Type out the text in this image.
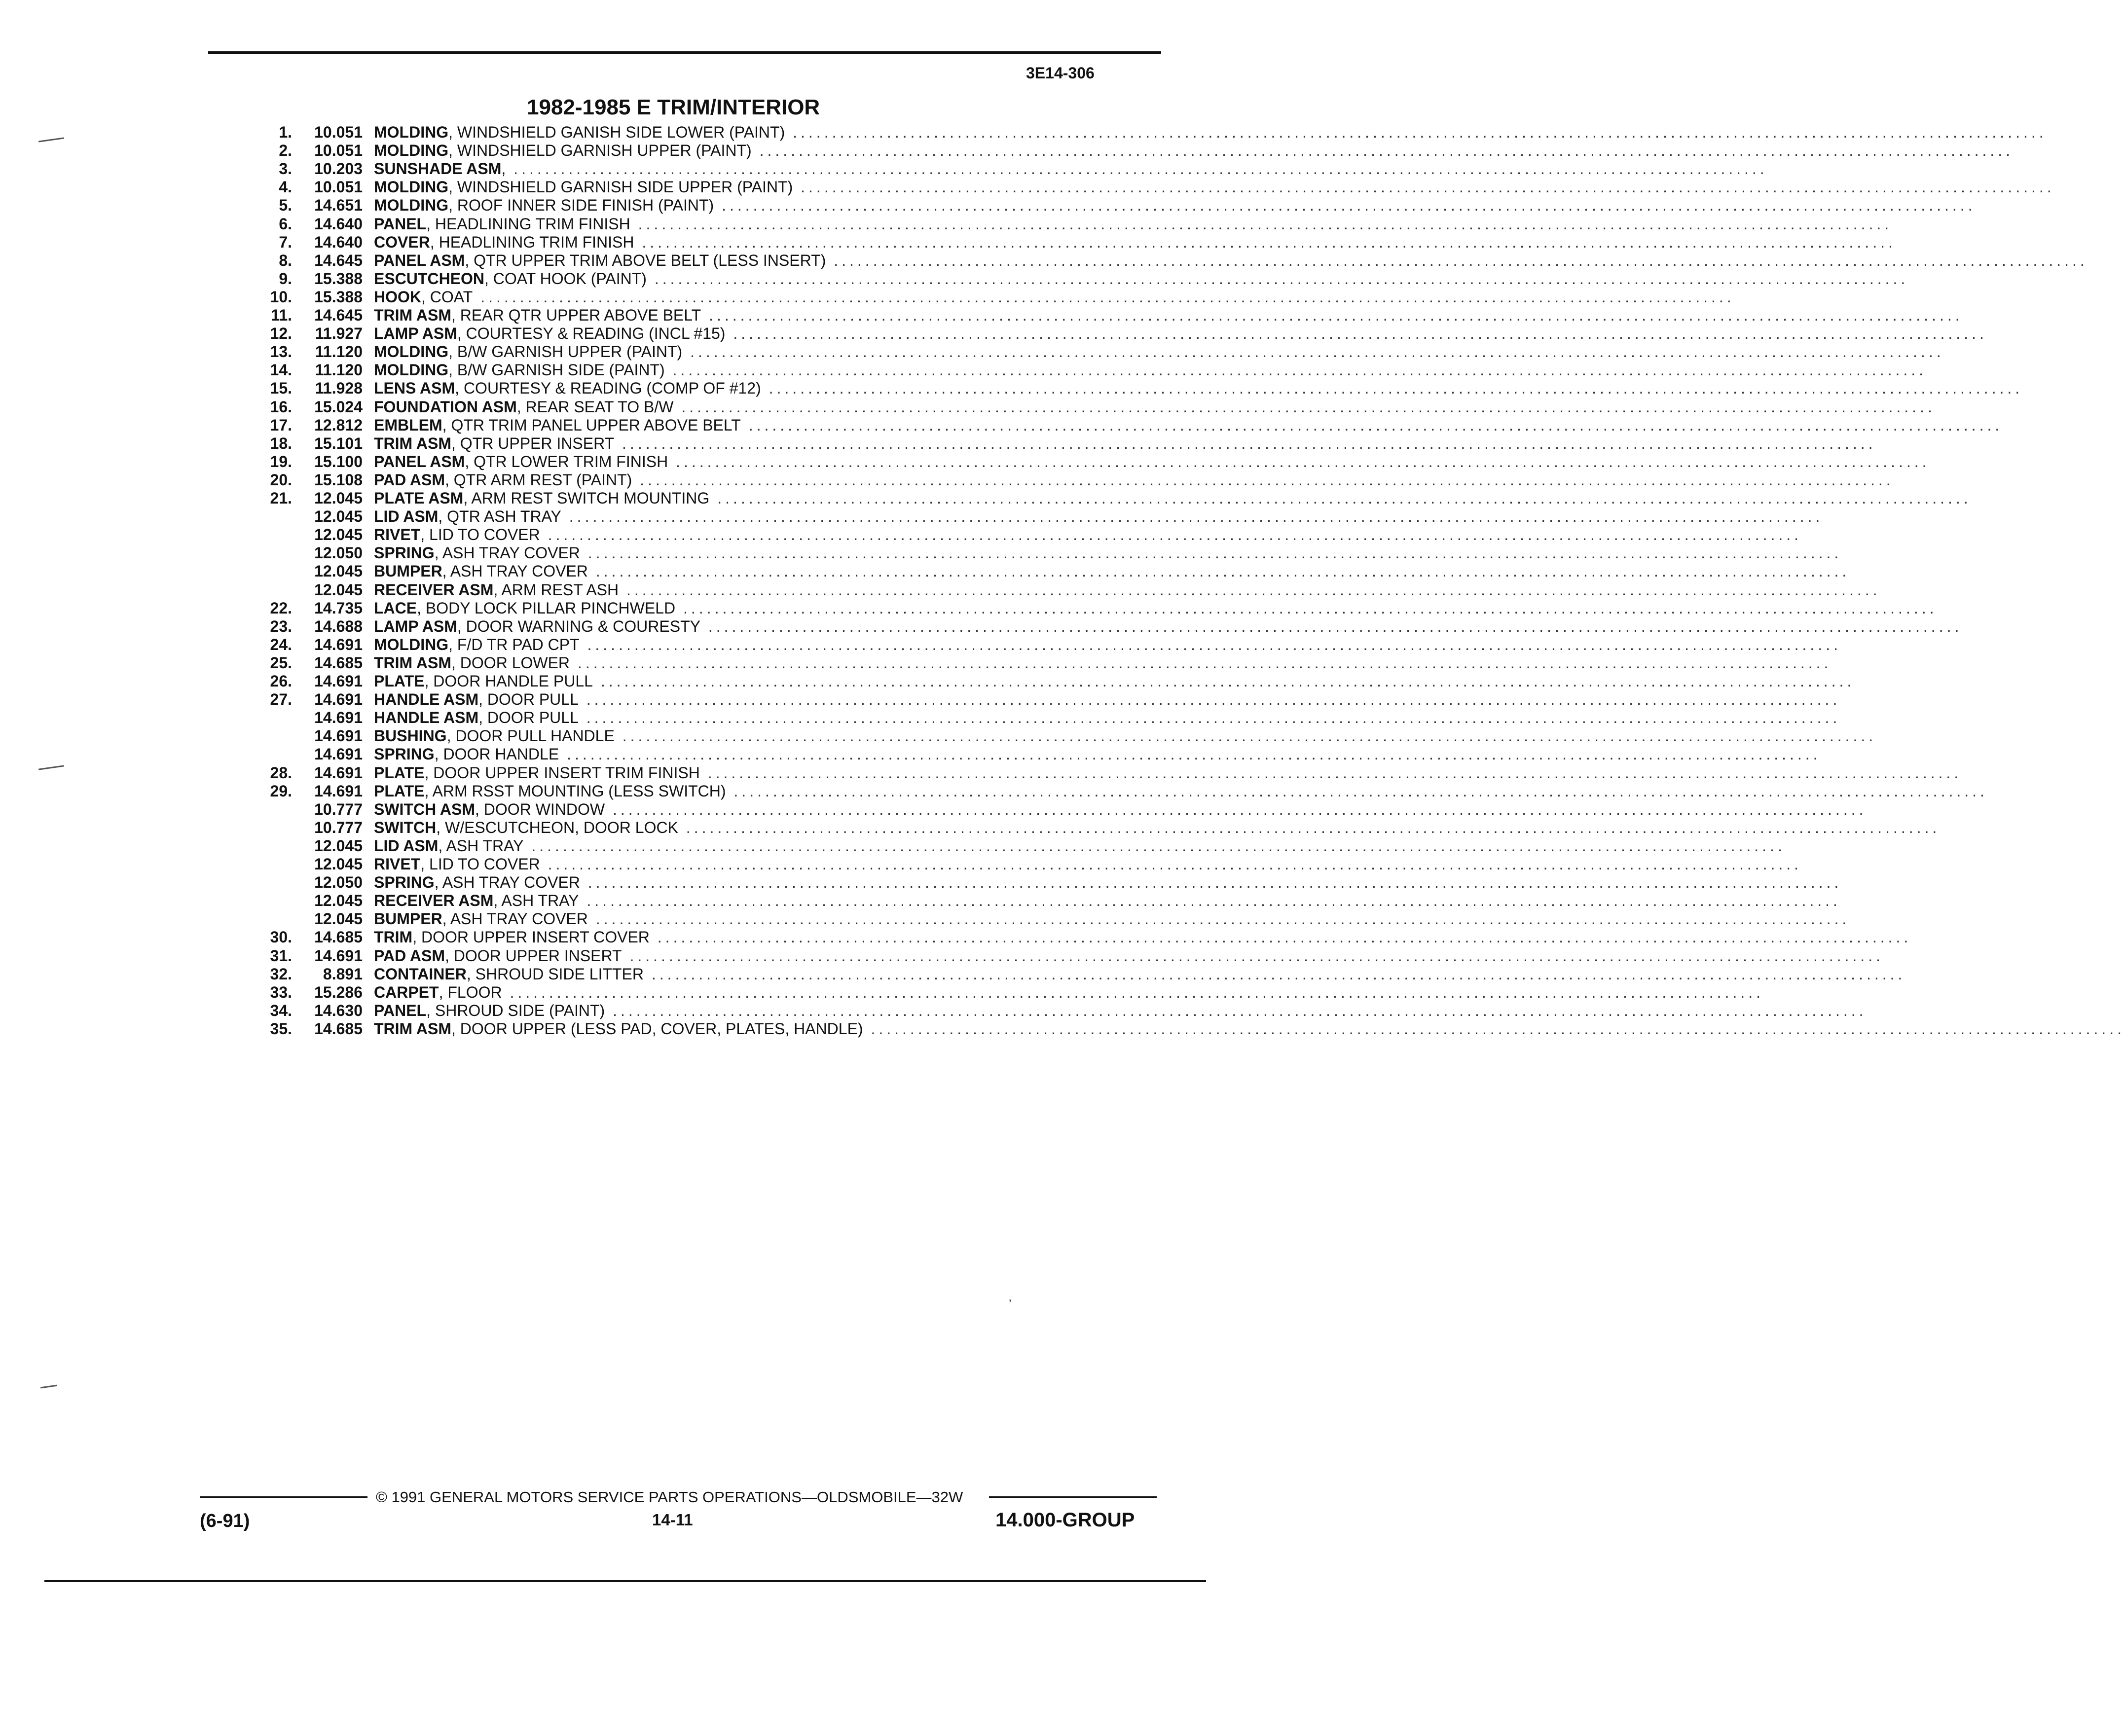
ʼ
3E14-306
1982-1985 E TRIM/INTERIOR
1.	10.051 MOLDING, WINDSHIELD GANISH SIDE LOWER (PAINT) ................................................................................................................................................................
2.	10.051 MOLDING, WINDSHIELD GARNISH UPPER (PAINT) ................................................................................................................................................................
3.	10.203 SUNSHADE ASM, ................................................................................................................................................................
4.	10.051 MOLDING, WINDSHIELD GARNISH SIDE UPPER (PAINT) ................................................................................................................................................................
5.	14.651 MOLDING, ROOF INNER SIDE FINISH (PAINT) ................................................................................................................................................................
6.	14.640 PANEL, HEADLINING TRIM FINISH ................................................................................................................................................................
7.	14.640 COVER, HEADLINING TRIM FINISH ................................................................................................................................................................
8.	14.645 PANEL ASM, QTR UPPER TRIM ABOVE BELT (LESS INSERT) ................................................................................................................................................................
9.	15.388 ESCUTCHEON, COAT HOOK (PAINT) ................................................................................................................................................................
10.	15.388 HOOK, COAT ................................................................................................................................................................
11.	14.645 TRIM ASM, REAR QTR UPPER ABOVE BELT ................................................................................................................................................................
12.	11.927 LAMP ASM, COURTESY & READING (INCL #15) ................................................................................................................................................................
13.	11.120 MOLDING, B/W GARNISH UPPER (PAINT) ................................................................................................................................................................
14.	11.120 MOLDING, B/W GARNISH SIDE (PAINT) ................................................................................................................................................................
15.	11.928 LENS ASM, COURTESY & READING (COMP OF #12) ................................................................................................................................................................
16.	15.024 FOUNDATION ASM, REAR SEAT TO B/W ................................................................................................................................................................
17.	12.812 EMBLEM, QTR TRIM PANEL UPPER ABOVE BELT ................................................................................................................................................................
18.	15.101 TRIM ASM, QTR UPPER INSERT ................................................................................................................................................................
19.	15.100 PANEL ASM, QTR LOWER TRIM FINISH ................................................................................................................................................................
20.	15.108 PAD ASM, QTR ARM REST (PAINT) ................................................................................................................................................................
21.	12.045 PLATE ASM, ARM REST SWITCH MOUNTING ................................................................................................................................................................
12.045 LID ASM, QTR ASH TRAY ................................................................................................................................................................
12.045 RIVET, LID TO COVER ................................................................................................................................................................
12.050 SPRING, ASH TRAY COVER ................................................................................................................................................................
12.045 BUMPER, ASH TRAY COVER ................................................................................................................................................................
12.045 RECEIVER ASM, ARM REST ASH ................................................................................................................................................................
22.	14.735 LACE, BODY LOCK PILLAR PINCHWELD ................................................................................................................................................................
23.	14.688 LAMP ASM, DOOR WARNING & COURESTY ................................................................................................................................................................
24.	14.691 MOLDING, F/D TR PAD CPT ................................................................................................................................................................
25.	14.685 TRIM ASM, DOOR LOWER ................................................................................................................................................................
26.	14.691 PLATE, DOOR HANDLE PULL ................................................................................................................................................................
27.	14.691 HANDLE ASM, DOOR PULL ................................................................................................................................................................
14.691 HANDLE ASM, DOOR PULL ................................................................................................................................................................
14.691 BUSHING, DOOR PULL HANDLE ................................................................................................................................................................
14.691 SPRING, DOOR HANDLE ................................................................................................................................................................
28.	14.691 PLATE, DOOR UPPER INSERT TRIM FINISH ................................................................................................................................................................
29.	14.691 PLATE, ARM RSST MOUNTING (LESS SWITCH) ................................................................................................................................................................
10.777 SWITCH ASM, DOOR WINDOW ................................................................................................................................................................
10.777 SWITCH, W/ESCUTCHEON, DOOR LOCK ................................................................................................................................................................
12.045 LID ASM, ASH TRAY ................................................................................................................................................................
12.045 RIVET, LID TO COVER ................................................................................................................................................................
12.050 SPRING, ASH TRAY COVER ................................................................................................................................................................
12.045 RECEIVER ASM, ASH TRAY ................................................................................................................................................................
12.045 BUMPER, ASH TRAY COVER ................................................................................................................................................................
30.	14.685 TRIM, DOOR UPPER INSERT COVER ................................................................................................................................................................
31.	14.691 PAD ASM, DOOR UPPER INSERT ................................................................................................................................................................
32.	8.891 CONTAINER, SHROUD SIDE LITTER ................................................................................................................................................................
33.	15.286 CARPET, FLOOR ................................................................................................................................................................
34.	14.630 PANEL, SHROUD SIDE (PAINT) ................................................................................................................................................................
35.	14.685 TRIM ASM, DOOR UPPER (LESS PAD, COVER, PLATES, HANDLE) ................................................................................................................................................................
(6-91)
© 1991 GENERAL MOTORS SERVICE PARTS OPERATIONS—OLDSMOBILE—32W
14-11	14.000-GROUP
